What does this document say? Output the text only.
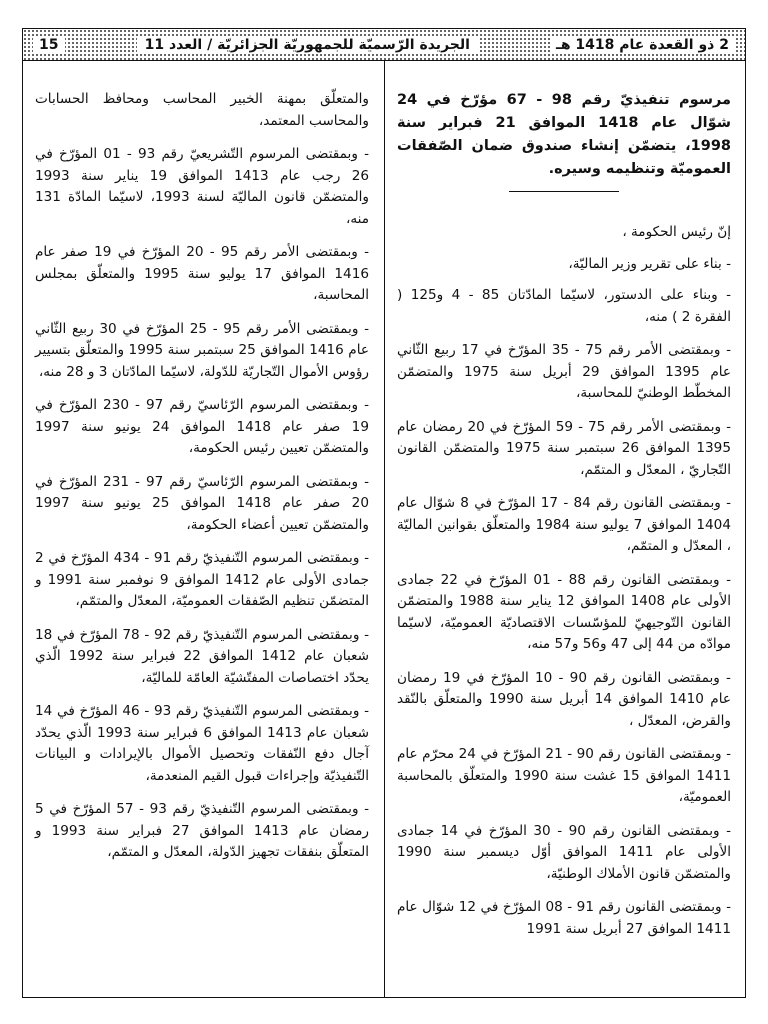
2 ذو القعدة عام 1418 هـ
الجريدة الرّسميّة للجمهوريّة الجزائريّة / العدد 11
15

مرسوم تنفيذيّ رقم 98 - 67 مؤرّخ في 24 شوّال عام 1418 الموافق 21 فبراير سنة 1998، يتضمّن إنشاء صندوق ضمان الصّفقات العموميّة وتنظيمه وسيره.

إنّ رئيس الحكومة ،

- بناء على تقرير وزير الماليّة،

- وبناء على الدستور، لاسيّما المادّتان 85 - 4 و125 ( الفقرة 2 ) منه،

- وبمقتضى الأمر رقم 75 - 35 المؤرّخ في 17 ربيع الثّاني عام 1395 الموافق 29 أبريل سنة 1975 والمتضمّن المخطّط الوطنيّ للمحاسبة،

- وبمقتضى الأمر رقم 75 - 59 المؤرّخ في 20 رمضان عام 1395 الموافق 26 سبتمبر سنة 1975 والمتضمّن القانون التّجاريّ ، المعدّل و المتمّم،

- وبمقتضى القانون رقم 84 - 17 المؤرّخ في 8 شوّال عام 1404 الموافق 7 يوليو سنة 1984 والمتعلّق بقوانين الماليّة ، المعدّل و المتمّم،

- وبمقتضى القانون رقم 88 - 01 المؤرّخ في 22 جمادى الأولى عام 1408 الموافق 12 يناير سنة 1988 والمتضمّن القانون التّوجيهيّ للمؤسّسات الاقتصاديّة العموميّة، لاسيّما موادّه من 44 إلى 47 و56 و57 منه،

- وبمقتضى القانون رقم 90 - 10 المؤرّخ في 19 رمضان عام 1410 الموافق 14 أبريل سنة 1990 والمتعلّق بالنّقد والقرض، المعدّل ،

- وبمقتضى القانون رقم 90 - 21 المؤرّخ في 24 محرّم عام 1411 الموافق 15 غشت سنة 1990 والمتعلّق بالمحاسبة العموميّة،

- وبمقتضى القانون رقم 90 - 30 المؤرّخ في 14 جمادى الأولى عام 1411 الموافق أوّل ديسمبر سنة 1990 والمتضمّن قانون الأملاك الوطنيّة،

- وبمقتضى القانون رقم 91 - 08 المؤرّخ في 12 شوّال عام 1411 الموافق 27 أبريل سنة 1991

والمتعلّق بمهنة الخبير المحاسب ومحافظ الحسابات والمحاسب المعتمد،

- وبمقتضى المرسوم التّشريعيّ رقم 93 - 01 المؤرّخ في 26 رجب عام 1413 الموافق 19 يناير سنة 1993 والمتضمّن قانون الماليّة لسنة 1993، لاسيّما المادّة 131 منه،

- وبمقتضى الأمر رقم 95 - 20 المؤرّخ في 19 صفر عام 1416 الموافق 17 يوليو سنة 1995 والمتعلّق بمجلس المحاسبة،

- وبمقتضى الأمر رقم 95 - 25 المؤرّخ في 30 ربيع الثّاني عام 1416 الموافق 25 سبتمبر سنة 1995 والمتعلّق بتسيير رؤوس الأموال التّجاريّة للدّولة، لاسيّما المادّتان 3 و 28 منه،

- وبمقتضى المرسوم الرّئاسيّ رقم 97 - 230 المؤرّخ في 19 صفر عام 1418 الموافق 24 يونيو سنة 1997 والمتضمّن تعيين رئيس الحكومة،

- وبمقتضى المرسوم الرّئاسيّ رقم 97 - 231 المؤرّخ في 20 صفر عام 1418 الموافق 25 يونيو سنة 1997 والمتضمّن تعيين أعضاء الحكومة،

- وبمقتضى المرسوم التّنفيذيّ رقم 91 - 434 المؤرّخ في 2 جمادى الأولى عام 1412 الموافق 9 نوفمبر سنة 1991 و المتضمّن تنظيم الصّفقات العموميّة، المعدّل والمتمّم،

- وبمقتضى المرسوم التّنفيذيّ رقم 92 - 78 المؤرّخ في 18 شعبان عام 1412 الموافق 22 فبراير سنة 1992 الّذي يحدّد اختصاصات المفتّشيّة العامّة للماليّة،

- وبمقتضى المرسوم التّنفيذيّ رقم 93 - 46 المؤرّخ في 14 شعبان عام 1413 الموافق 6 فبراير سنة 1993 الّذي يحدّد آجال دفع النّفقات وتحصيل الأموال بالإيرادات و البيانات التّنفيذيّة وإجراءات قبول القيم المنعدمة،

- وبمقتضى المرسوم التّنفيذيّ رقم 93 - 57 المؤرّخ في 5 رمضان عام 1413 الموافق 27 فبراير سنة 1993 و المتعلّق بنفقات تجهيز الدّولة، المعدّل و المتمّم،
